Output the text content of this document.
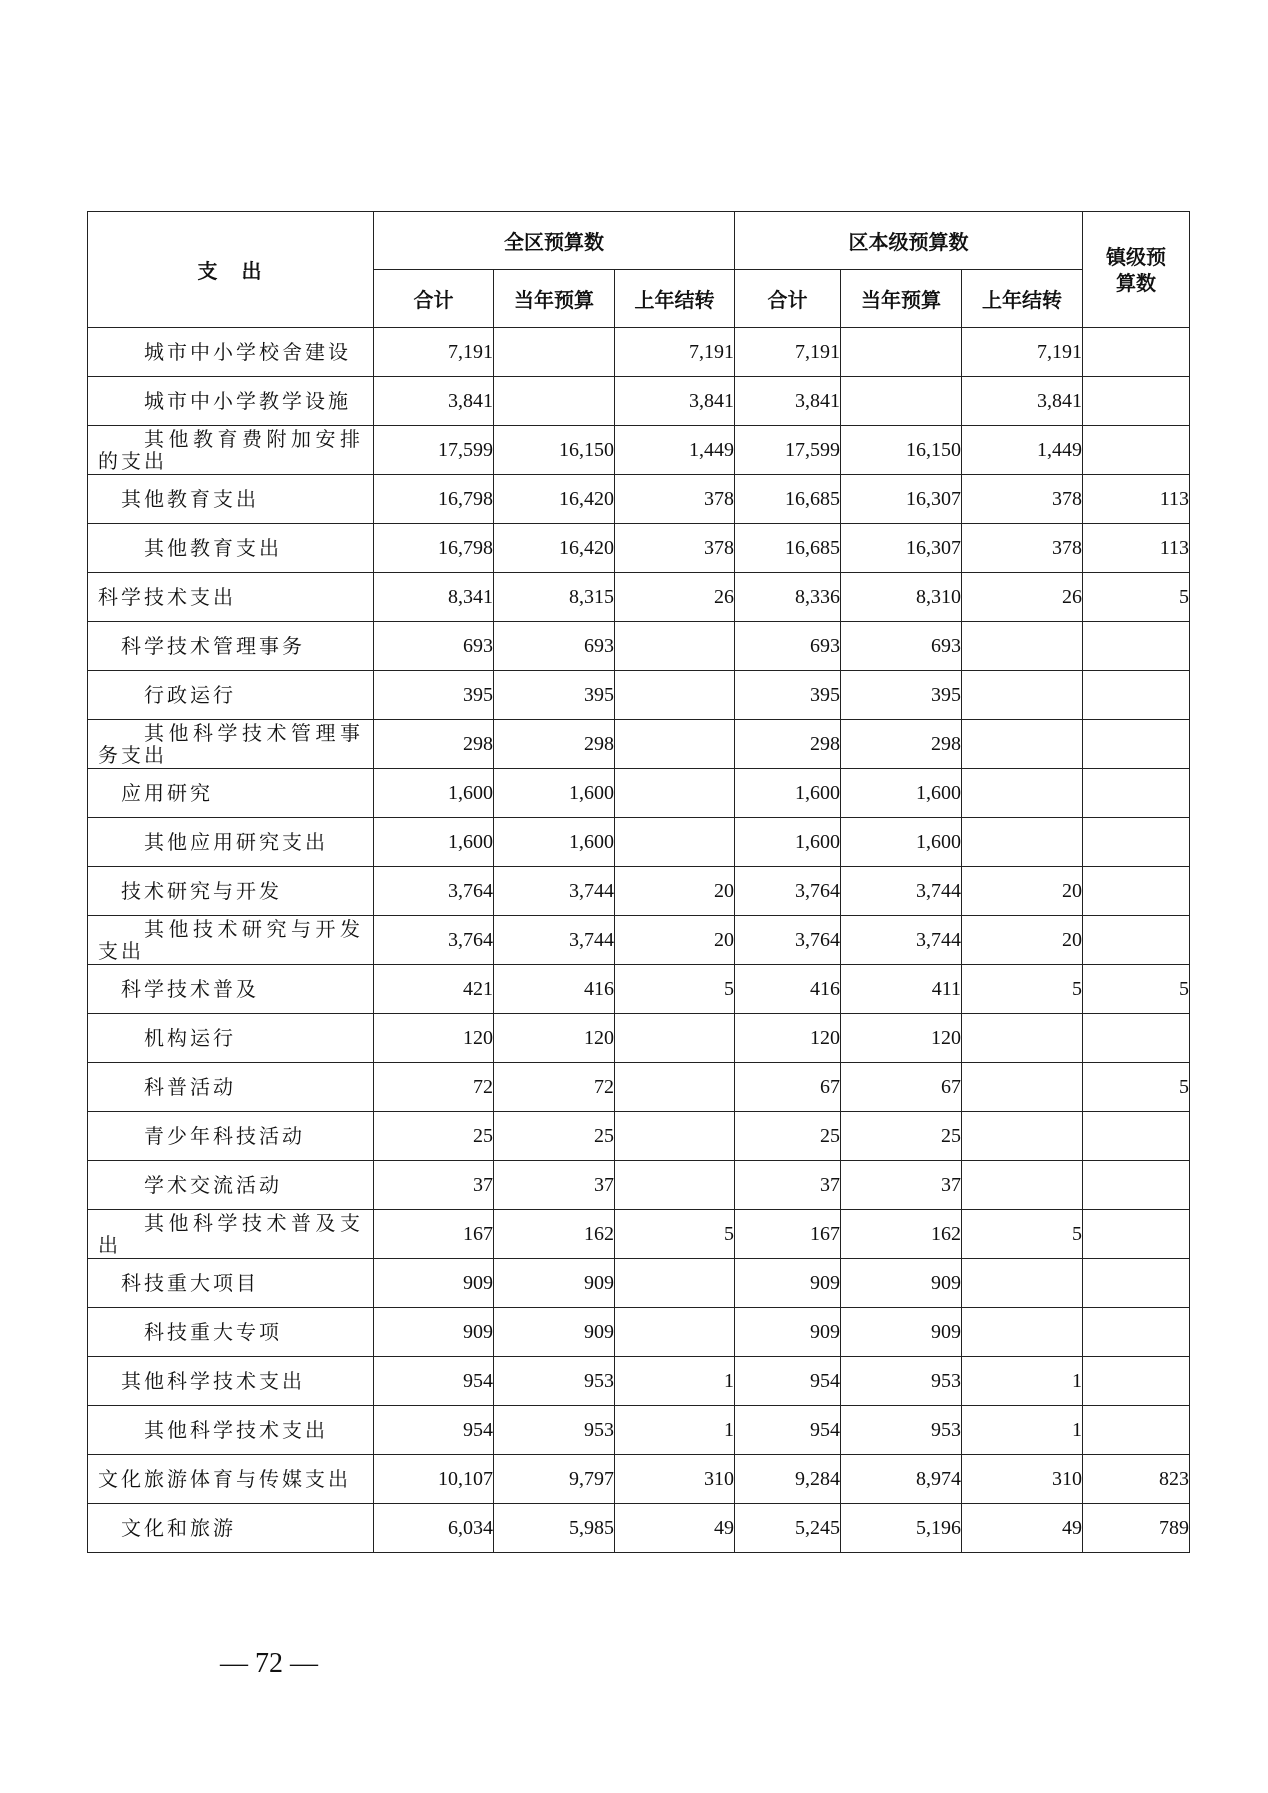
支　出	全区预算数			区本级预算数			镇级预算数
	合计	当年预算	上年结转	合计	当年预算	上年结转	
城市中小学校舍建设	7,191		7,191	7,191		7,191	
城市中小学教学设施	3,841		3,841	3,841		3,841	
其他教育费附加安排的支出	17,599	16,150	1,449	17,599	16,150	1,449	
其他教育支出	16,798	16,420	378	16,685	16,307	378	113
其他教育支出	16,798	16,420	378	16,685	16,307	378	113
科学技术支出	8,341	8,315	26	8,336	8,310	26	5
科学技术管理事务	693	693		693	693		
行政运行	395	395		395	395		
其他科学技术管理事务支出	298	298		298	298		
应用研究	1,600	1,600		1,600	1,600		
其他应用研究支出	1,600	1,600		1,600	1,600		
技术研究与开发	3,764	3,744	20	3,764	3,744	20	
其他技术研究与开发支出	3,764	3,744	20	3,764	3,744	20	
科学技术普及	421	416	5	416	411	5	5
机构运行	120	120		120	120		
科普活动	72	72		67	67		5
青少年科技活动	25	25		25	25		
学术交流活动	37	37		37	37		
其他科学技术普及支出	167	162	5	167	162	5	
科技重大项目	909	909		909	909		
科技重大专项	909	909		909	909		
其他科学技术支出	954	953	1	954	953	1	
其他科学技术支出	954	953	1	954	953	1	
文化旅游体育与传媒支出	10,107	9,797	310	9,284	8,974	310	823
文化和旅游	6,034	5,985	49	5,245	5,196	49	789
— 72 —
